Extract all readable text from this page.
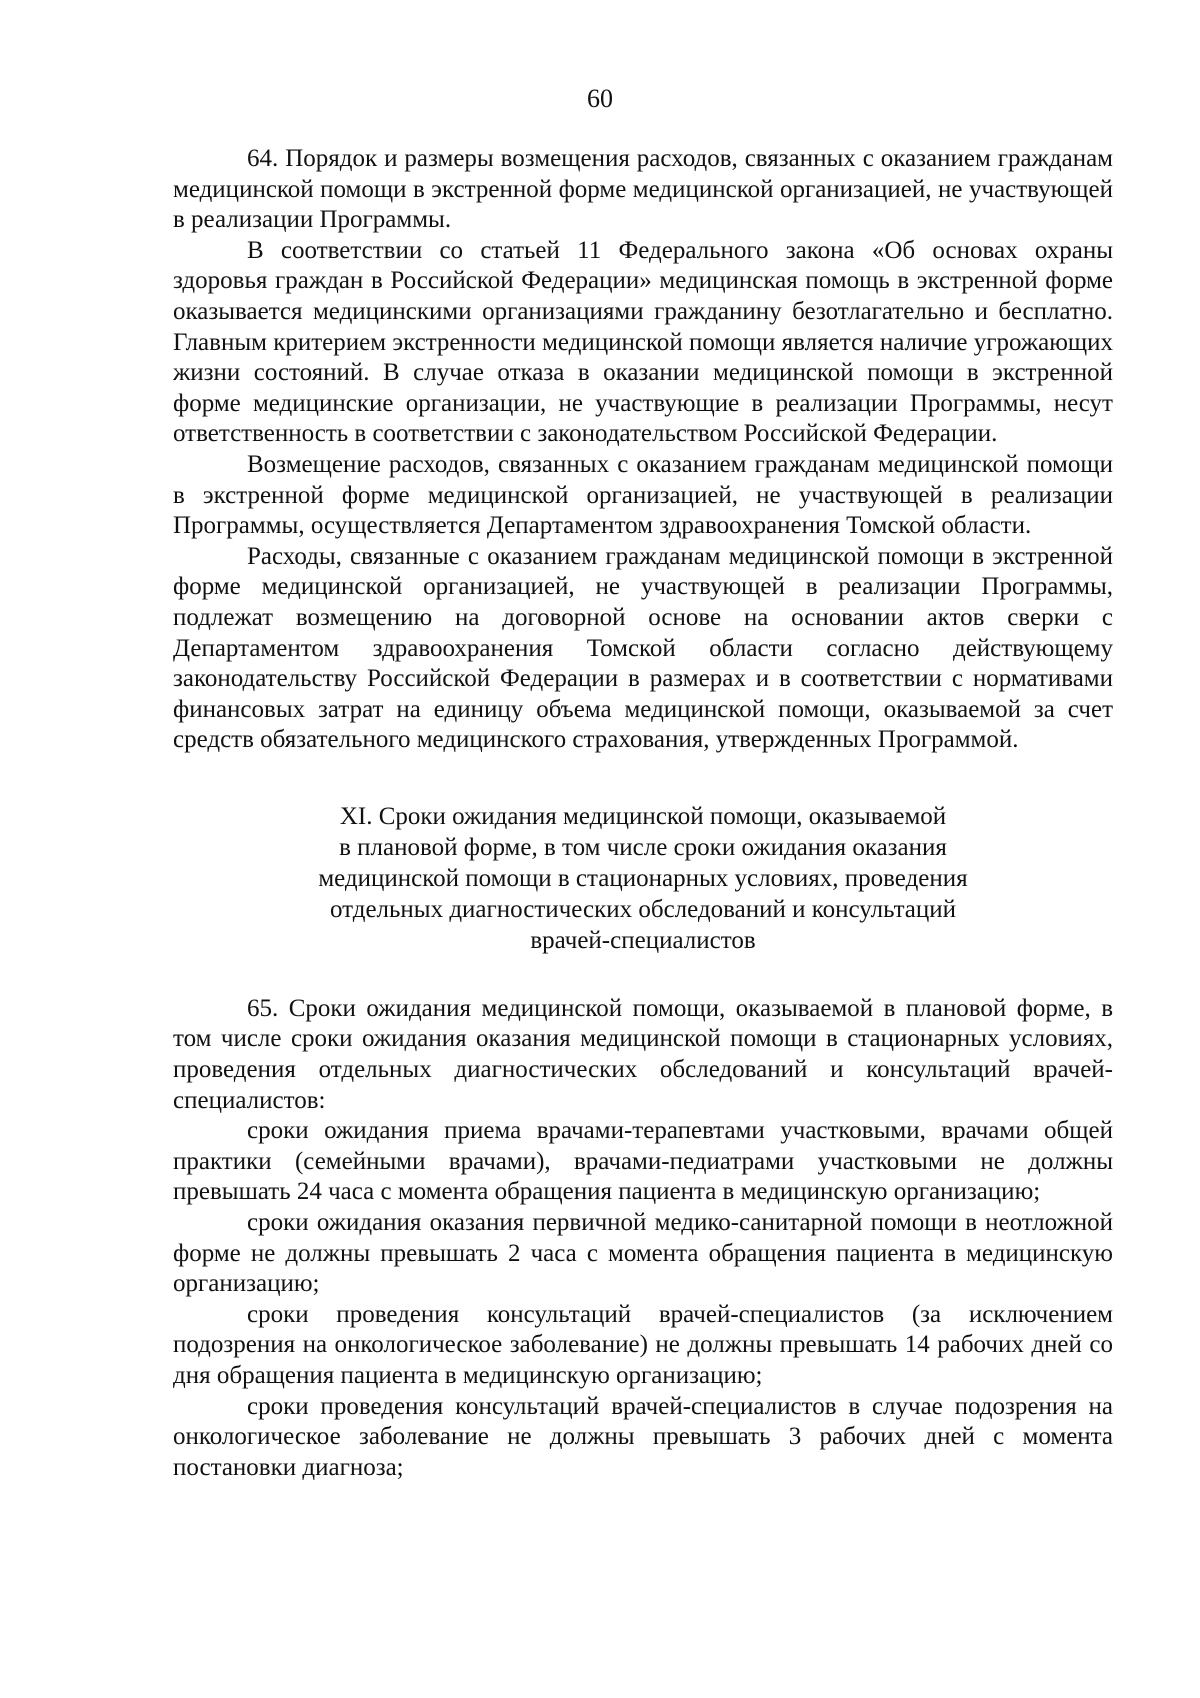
60

64. Порядок и размеры возмещения расходов, связанных с оказанием гражданам медицинской помощи в экстренной форме медицинской организацией, не участвующей в реализации Программы.

В соответствии со статьей 11 Федерального закона «Об основах охраны здоровья граждан в Российской Федерации» медицинская помощь в экстренной форме оказывается медицинскими организациями гражданину безотлагательно и бесплатно. Главным критерием экстренности медицинской помощи является наличие угрожающих жизни состояний. В случае отказа в оказании медицинской помощи в экстренной форме медицинские организации, не участвующие в реализации Программы, несут ответственность в соответствии с законодательством Российской Федерации.

Возмещение расходов, связанных с оказанием гражданам медицинской помощи в экстренной форме медицинской организацией, не участвующей в реализации Программы, осуществляется Департаментом здравоохранения Томской области.

Расходы, связанные с оказанием гражданам медицинской помощи в экстренной форме медицинской организацией, не участвующей в реализации Программы, подлежат возмещению на договорной основе на основании актов сверки с Департаментом здравоохранения Томской области согласно действующему законодательству Российской Федерации в размерах и в соответствии с нормативами финансовых затрат на единицу объема медицинской помощи, оказываемой за счет средств обязательного медицинского страхования, утвержденных Программой.

XI. Сроки ожидания медицинской помощи, оказываемой
в плановой форме, в том числе сроки ожидания оказания
медицинской помощи в стационарных условиях, проведения
отдельных диагностических обследований и консультаций
врачей-специалистов

65. Сроки ожидания медицинской помощи, оказываемой в плановой форме, в том числе сроки ожидания оказания медицинской помощи в стационарных условиях, проведения отдельных диагностических обследований и консультаций врачей-специалистов:

сроки ожидания приема врачами-терапевтами участковыми, врачами общей практики (семейными врачами), врачами-педиатрами участковыми не должны превышать 24 часа с момента обращения пациента в медицинскую организацию;

сроки ожидания оказания первичной медико-санитарной помощи в неотложной форме не должны превышать 2 часа с момента обращения пациента в медицинскую организацию;

сроки проведения консультаций врачей-специалистов (за исключением подозрения на онкологическое заболевание) не должны превышать 14 рабочих дней со дня обращения пациента в медицинскую организацию;

сроки проведения консультаций врачей-специалистов в случае подозрения на онкологическое заболевание не должны превышать 3 рабочих дней с момента постановки диагноза;
